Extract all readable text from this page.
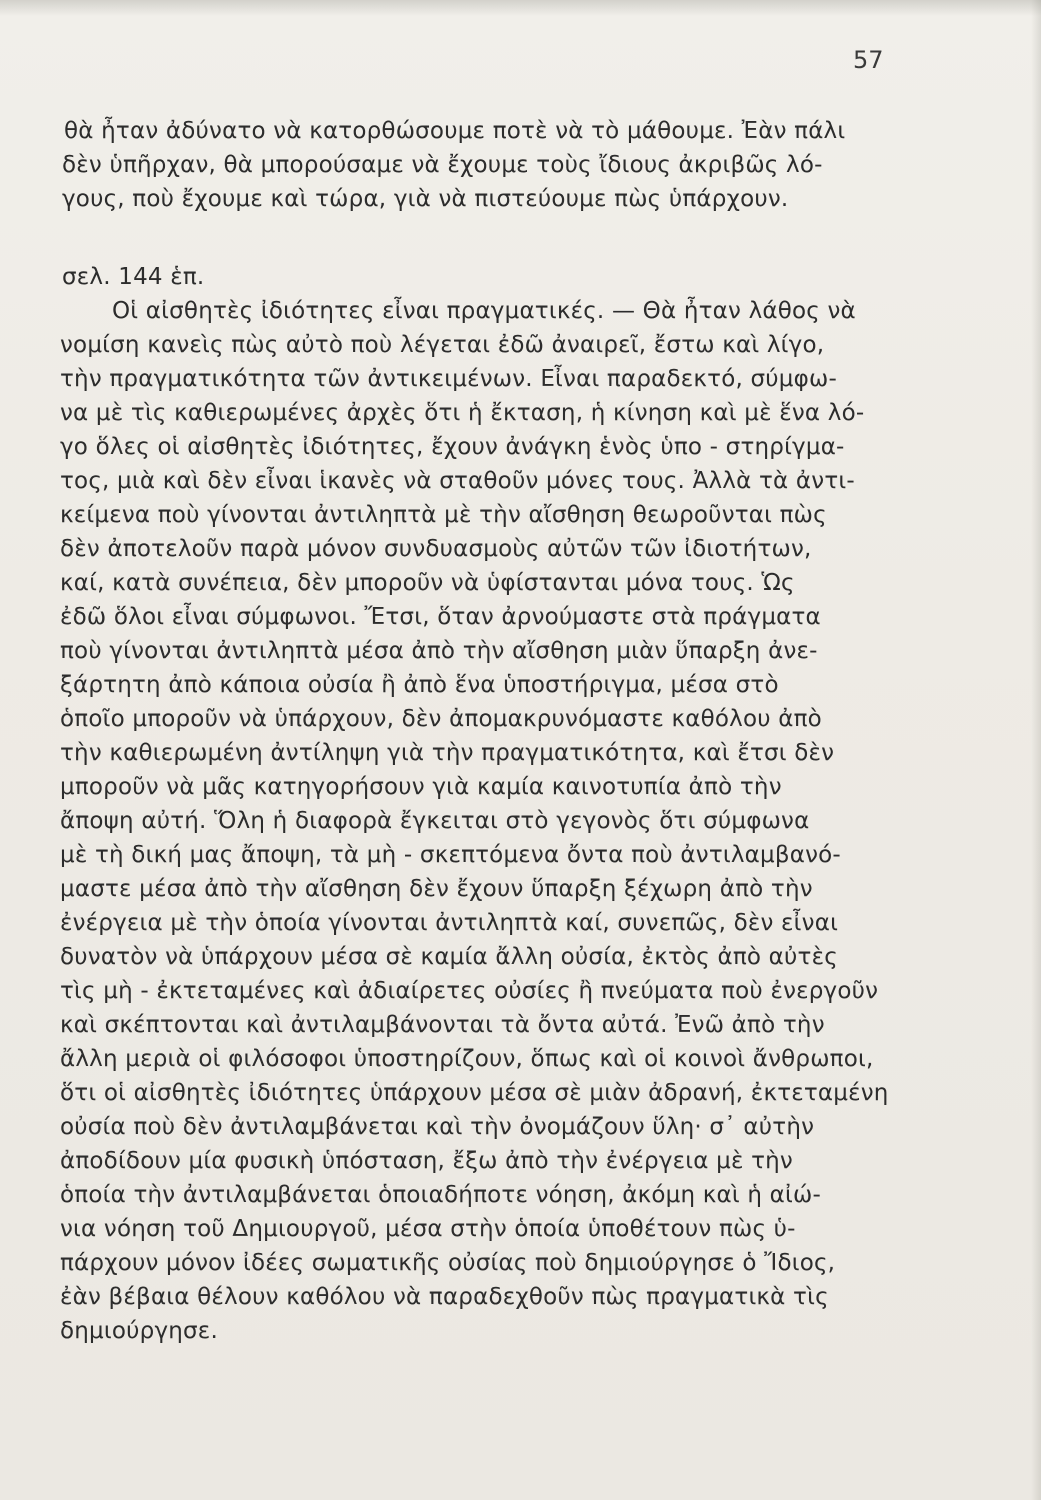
57
θὰ ἦταν ἀδύνατο νὰ κατορθώσουμε ποτὲ νὰ τὸ μάθουμε. Ἐὰν πάλι
δὲν ὑπῆρχαν, θὰ μπορούσαμε νὰ ἔχουμε τοὺς ἴδιους ἀκριβῶς λό-
γους, ποὺ ἔχουμε καὶ τώρα, γιὰ νὰ πιστεύουμε πὼς ὑπάρχουν.
σελ. 144 ἑπ.
Οἱ αἰσθητὲς ἰδιότητες εἶναι πραγματικές. — Θὰ ἦταν λάθος νὰ
νομίση κανεὶς πὼς αὐτὸ ποὺ λέγεται ἐδῶ ἀναιρεῖ, ἔστω καὶ λίγο,
τὴν πραγματικότητα τῶν ἀντικειμένων. Εἶναι παραδεκτό, σύμφω-
να μὲ τὶς καθιερωμένες ἀρχὲς ὅτι ἡ ἔκταση, ἡ κίνηση καὶ μὲ ἕνα λό-
γο ὅλες οἱ αἰσθητὲς ἰδιότητες, ἔχουν ἀνάγκη ἑνὸς ὑπο - στηρίγμα-
τος, μιὰ καὶ δὲν εἶναι ἱκανὲς νὰ σταθοῦν μόνες τους. Ἀλλὰ τὰ ἀντι-
κείμενα ποὺ γίνονται ἀντιληπτὰ μὲ τὴν αἴσθηση θεωροῦνται πὼς
δὲν ἀποτελοῦν παρὰ μόνον συνδυασμοὺς αὐτῶν τῶν ἰδιοτήτων,
καί, κατὰ συνέπεια, δὲν μποροῦν νὰ ὑφίστανται μόνα τους. Ὡς
ἐδῶ ὅλοι εἶναι σύμφωνοι. Ἔτσι, ὅταν ἀρνούμαστε στὰ πράγματα
ποὺ γίνονται ἀντιληπτὰ μέσα ἀπὸ τὴν αἴσθηση μιὰν ὕπαρξη ἀνε-
ξάρτητη ἀπὸ κάποια οὐσία ἢ ἀπὸ ἕνα ὑποστήριγμα, μέσα στὸ
ὁποῖο μποροῦν νὰ ὑπάρχουν, δὲν ἀπομακρυνόμαστε καθόλου ἀπὸ
τὴν καθιερωμένη ἀντίληψη γιὰ τὴν πραγματικότητα, καὶ ἔτσι δὲν
μποροῦν νὰ μᾶς κατηγορήσουν γιὰ καμία καινοτυπία ἀπὸ τὴν
ἄποψη αὐτή. Ὅλη ἡ διαφορὰ ἔγκειται στὸ γεγονὸς ὅτι σύμφωνα
μὲ τὴ δική μας ἄποψη, τὰ μὴ - σκεπτόμενα ὄντα ποὺ ἀντιλαμβανό-
μαστε μέσα ἀπὸ τὴν αἴσθηση δὲν ἔχουν ὕπαρξη ξέχωρη ἀπὸ τὴν
ἐνέργεια μὲ τὴν ὁποία γίνονται ἀντιληπτὰ καί, συνεπῶς, δὲν εἶναι
δυνατὸν νὰ ὑπάρχουν μέσα σὲ καμία ἄλλη οὐσία, ἐκτὸς ἀπὸ αὐτὲς
τὶς μὴ - ἐκτεταμένες καὶ ἀδιαίρετες οὐσίες ἢ πνεύματα ποὺ ἐνεργοῦν
καὶ σκέπτονται καὶ ἀντιλαμβάνονται τὰ ὄντα αὐτά. Ἐνῶ ἀπὸ τὴν
ἄλλη μεριὰ οἱ φιλόσοφοι ὑποστηρίζουν, ὅπως καὶ οἱ κοινοὶ ἄνθρωποι,
ὅτι οἱ αἰσθητὲς ἰδιότητες ὑπάρχουν μέσα σὲ μιὰν ἀδρανή, ἐκτεταμένη
οὐσία ποὺ δὲν ἀντιλαμβάνεται καὶ τὴν ὀνομάζουν ὕλη· σ᾽ αὐτὴν
ἀποδίδουν μία φυσικὴ ὑπόσταση, ἔξω ἀπὸ τὴν ἐνέργεια μὲ τὴν
ὁποία τὴν ἀντιλαμβάνεται ὁποιαδήποτε νόηση, ἀκόμη καὶ ἡ αἰώ-
νια νόηση τοῦ Δημιουργοῦ, μέσα στὴν ὁποία ὑποθέτουν πὼς ὑ-
πάρχουν μόνον ἰδέες σωματικῆς οὐσίας ποὺ δημιούργησε ὁ Ἴδιος,
ἐὰν βέβαια θέλουν καθόλου νὰ παραδεχθοῦν πὼς πραγματικὰ τὶς
δημιούργησε.
